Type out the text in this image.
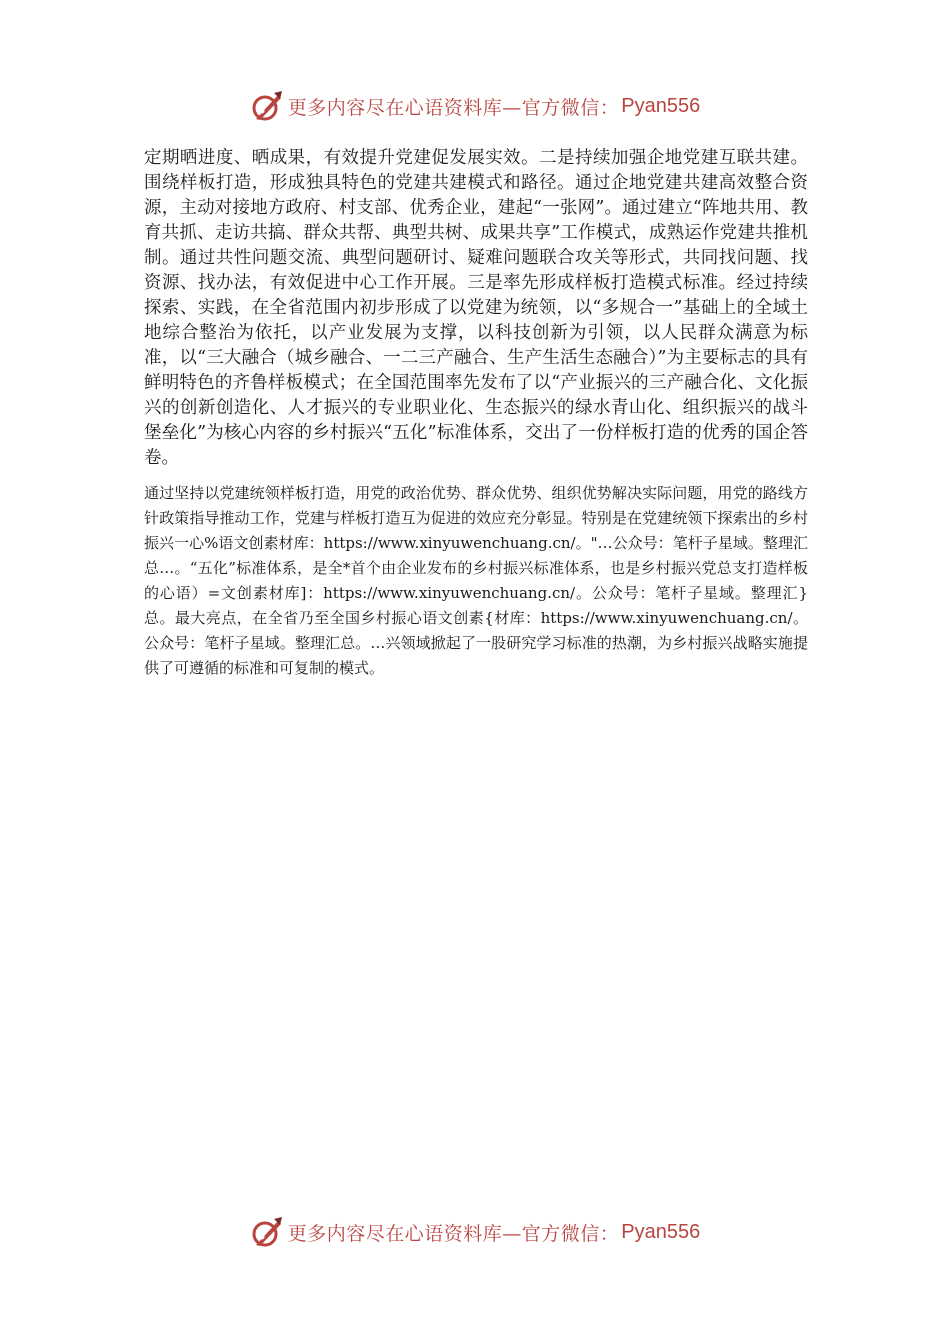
更多内容尽在心语资料库—官方微信： Pyan556

定期晒进度、晒成果，有效提升党建促发展实效。二是持续加强企地党建互联共建。围绕样板打造，形成独具特色的党建共建模式和路径。通过企地党建共建高效整合资源，主动对接地方政府、村支部、优秀企业，建起“一张网”。通过建立“阵地共用、教育共抓、走访共搞、群众共帮、典型共树、成果共享”工作模式，成熟运作党建共推机制。通过共性问题交流、典型问题研讨、疑难问题联合攻关等形式，共同找问题、找资源、找办法，有效促进中心工作开展。三是率先形成样板打造模式标准。经过持续探索、实践，在全省范围内初步形成了以党建为统领，以“多规合一”基础上的全域土地综合整治为依托，以产业发展为支撑，以科技创新为引领，以人民群众满意为标准，以“三大融合（城乡融合、一二三产融合、生产生活生态融合）”为主要标志的具有鲜明特色的齐鲁样板模式；在全国范围率先发布了以“产业振兴的三产融合化、文化振兴的创新创造化、人才振兴的专业职业化、生态振兴的绿水青山化、组织振兴的战斗堡垒化”为核心内容的乡村振兴“五化”标准体系，交出了一份样板打造的优秀的国企答卷。

通过坚持以党建统领样板打造，用党的政治优势、群众优势、组织优势解决实际问题，用党的路线方针政策指导推动工作，党建与样板打造互为促进的效应充分彰显。特别是在党建统领下探索出的乡村振兴一心%语文创素材库：https://www.xinyuwenchuang.cn/。"…公众号：笔杆子星域。整理汇总…。“五化”标准体系，是全*首个由企业发布的乡村振兴标准体系，也是乡村振兴党总支打造样板的心语）=文创素材库]：https://www.xinyuwenchuang.cn/。公众号：笔杆子星域。整理汇}总。最大亮点，在全省乃至全国乡村振心语文创素{材库：https://www.xinyuwenchuang.cn/。公众号：笔杆子星域。整理汇总。…兴领域掀起了一股研究学习标准的热潮，为乡村振兴战略实施提供了可遵循的标准和可复制的模式。

更多内容尽在心语资料库—官方微信： Pyan556
